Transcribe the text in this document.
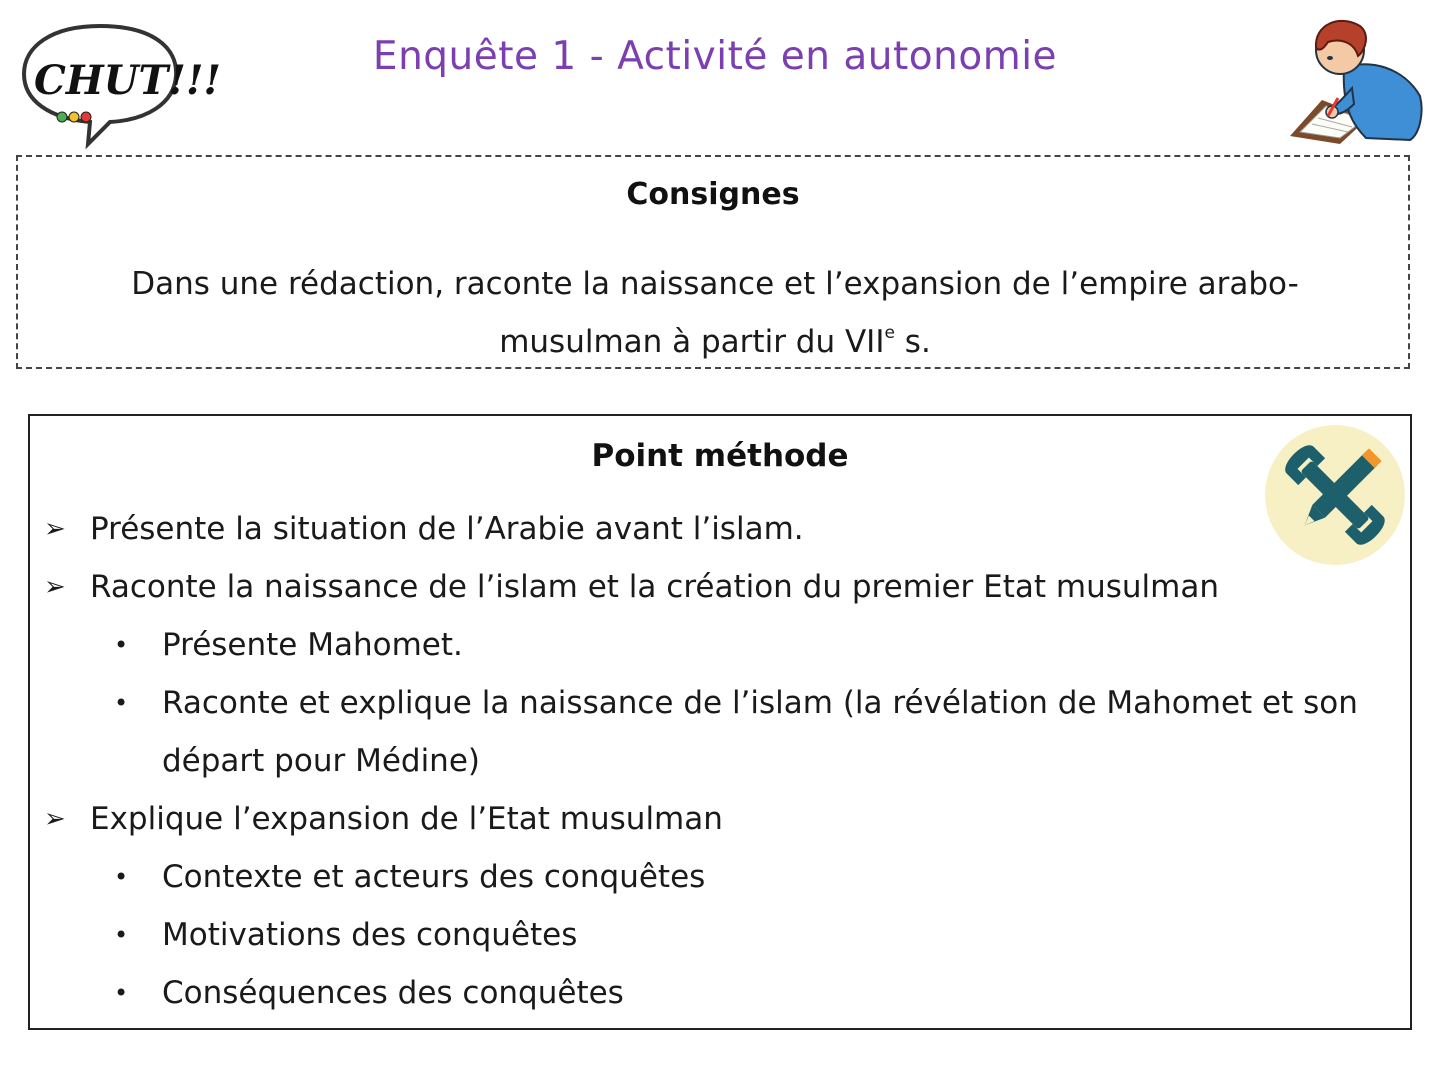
CHUT!!!
Enquête 1 - Activité en autonomie
Consignes
Dans une rédaction, raconte la naissance et l’expansion de l’empire arabo-musulman à partir du VIIe s.
Point méthode
➢ Présente la situation de l’Arabie avant l’islam.
➢ Raconte la naissance de l’islam et la création du premier Etat musulman
• Présente Mahomet.
• Raconte et explique la naissance de l’islam (la révélation de Mahomet et son départ pour Médine)
➢ Explique l’expansion de l’Etat musulman
• Contexte et acteurs des conquêtes
• Motivations des conquêtes
• Conséquences des conquêtes
